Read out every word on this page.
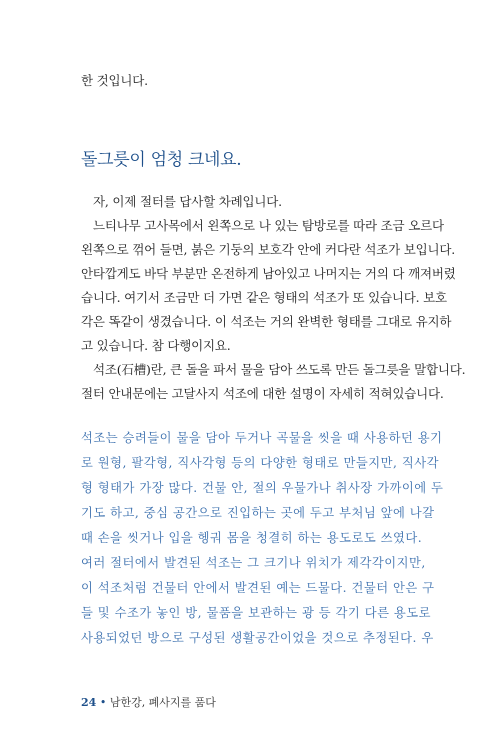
한 것입니다.
돌그릇이 엄청 크네요.
자, 이제 절터를 답사할 차례입니다.
느티나무 고사목에서 왼쪽으로 나 있는 탐방로를 따라 조금 오르다
왼쪽으로 꺾어 들면, 붉은 기둥의 보호각 안에 커다란 석조가 보입니다.
안타깝게도 바닥 부분만 온전하게 남아있고 나머지는 거의 다 깨져버렸
습니다. 여기서 조금만 더 가면 같은 형태의 석조가 또 있습니다. 보호
각은 똑같이 생겼습니다. 이 석조는 거의 완벽한 형태를 그대로 유지하
고 있습니다. 참 다행이지요.
석조(石槽)란, 큰 돌을 파서 물을 담아 쓰도록 만든 돌그릇을 말합니다.
절터 안내문에는 고달사지 석조에 대한 설명이 자세히 적혀있습니다.
석조는 승려들이 물을 담아 두거나 곡물을 씻을 때 사용하던 용기
로 원형, 팔각형, 직사각형 등의 다양한 형태로 만들지만, 직사각
형 형태가 가장 많다. 건물 안, 절의 우물가나 취사장 가까이에 두
기도 하고, 중심 공간으로 진입하는 곳에 두고 부처님 앞에 나갈
때 손을 씻거나 입을 헹궈 몸을 청결히 하는 용도로도 쓰였다.
여러 절터에서 발견된 석조는 그 크기나 위치가 제각각이지만,
이 석조처럼 건물터 안에서 발견된 예는 드물다. 건물터 안은 구
들 및 수조가 놓인 방, 물품을 보관하는 광 등 각기 다른 용도로
사용되었던 방으로 구성된 생활공간이었을 것으로 추정된다. 우
24 • 남한강, 폐사지를 품다
